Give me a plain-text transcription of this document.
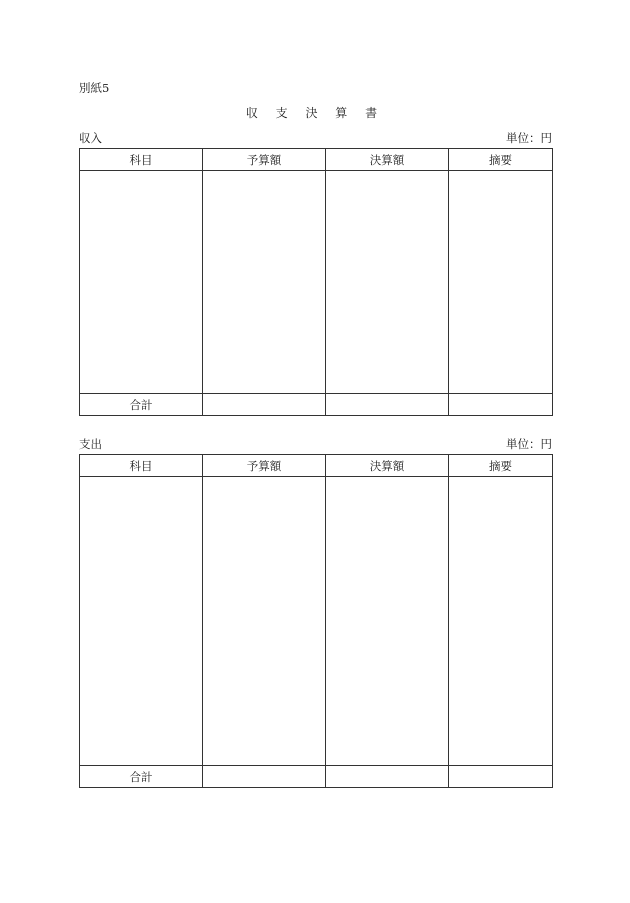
別紙5
収 支 決 算 書
収入	単位：円
科目	予算額	決算額	摘要

合計			
支出	単位：円
科目	予算額	決算額	摘要

合計			
